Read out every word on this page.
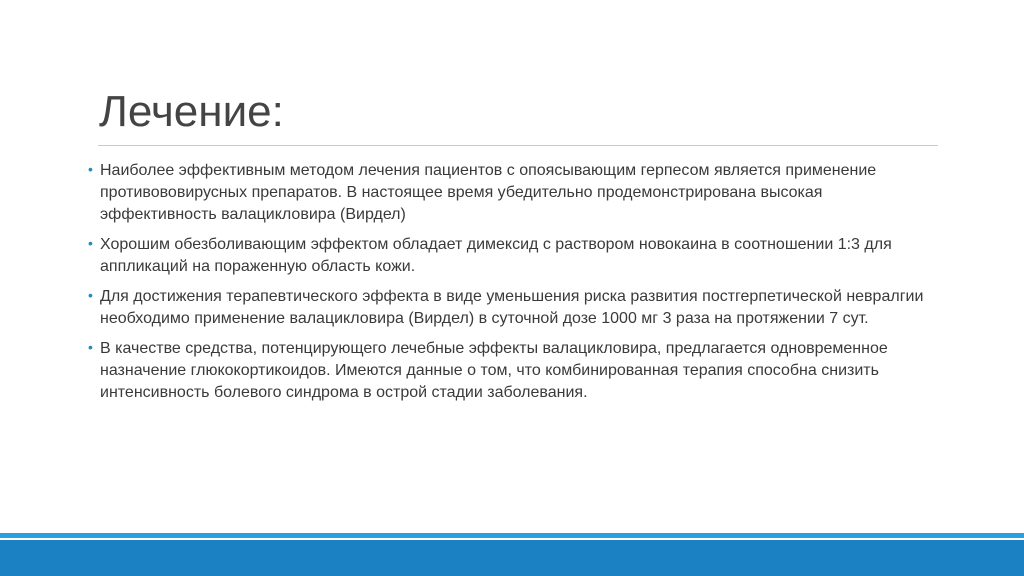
Лечение:
• Наиболее эффективным методом лечения пациентов с опоясывающим герпесом является применение противововирусных препаратов. В настоящее время убедительно продемонстрирована высокая эффективность валацикловира (Вирдел)
• Хорошим обезболивающим эффектом обладает димексид с раствором новокаина в соотношении 1:3 для аппликаций на пораженную область кожи.
• Для достижения терапевтического эффекта в виде уменьшения риска развития постгерпетической невралгии необходимо применение валацикловира (Вирдел) в суточной дозе 1000 мг 3 раза на протяжении 7 сут.
• В качестве средства, потенцирующего лечебные эффекты валацикловира, предлагается одновременное назначение глюкокортикоидов. Имеются данные о том, что комбинированная терапия способна снизить интенсивность болевого синдрома в острой стадии заболевания.
